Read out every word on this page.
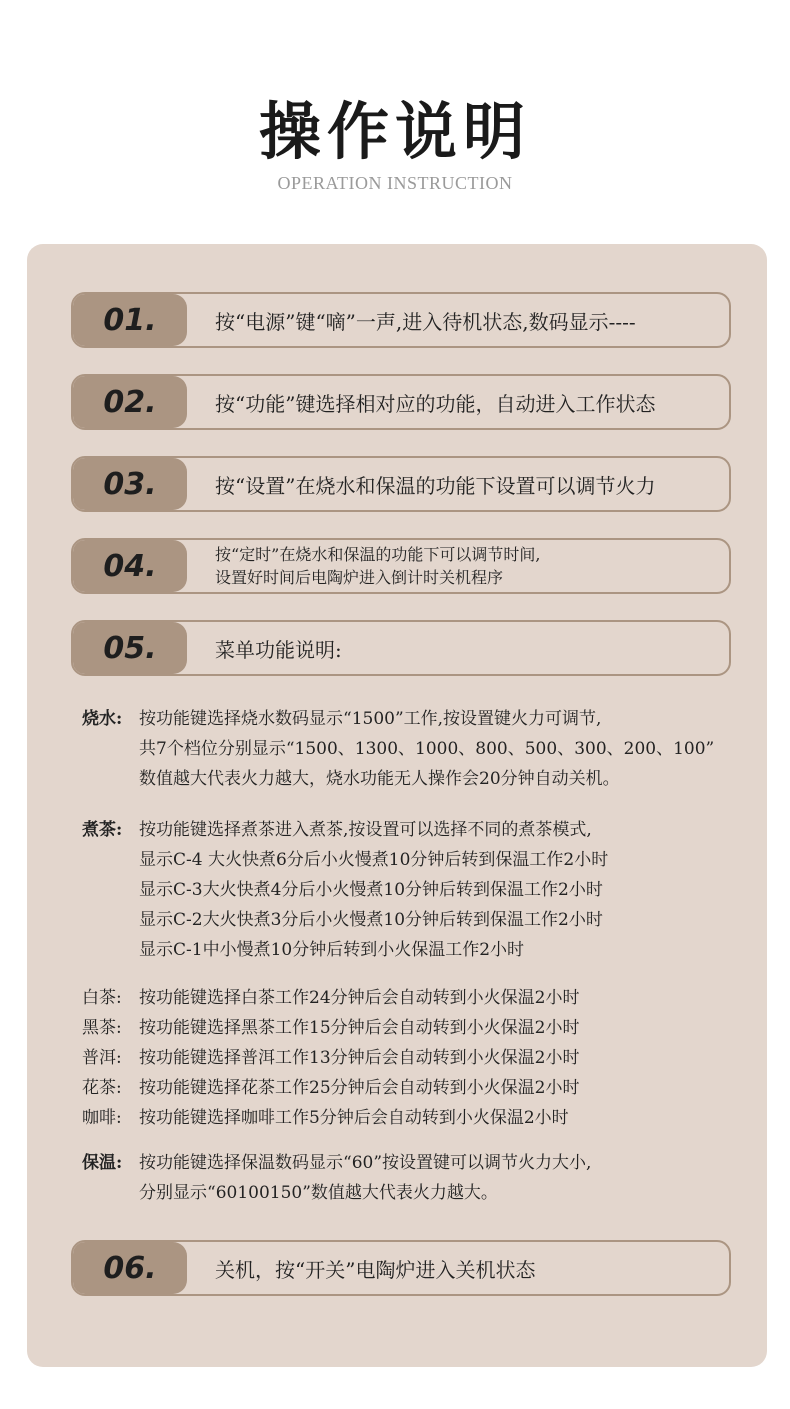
操作说明
OPERATION INSTRUCTION
01.	按“电源”键“嘀”一声,进入待机状态,数码显示----
02.	按“功能”键选择相对应的功能，自动进入工作状态
03.	按“设置”在烧水和保温的功能下设置可以调节火力
04.	按“定时”在烧水和保温的功能下可以调节时间,
设置好时间后电陶炉进入倒计时关机程序
05.	菜单功能说明:
烧水: 按功能键选择烧水数码显示“1500”工作,按设置键火力可调节,
共7个档位分别显示“1500、1300、1000、800、500、300、200、100”
数值越大代表火力越大，烧水功能无人操作会20分钟自动关机。
煮茶: 按功能键选择煮茶进入煮茶,按设置可以选择不同的煮茶模式,
显示C-4 大火快煮6分后小火慢煮10分钟后转到保温工作2小时
显示C-3大火快煮4分后小火慢煮10分钟后转到保温工作2小时
显示C-2大火快煮3分后小火慢煮10分钟后转到保温工作2小时
显示C-1中小慢煮10分钟后转到小火保温工作2小时
白茶:	按功能键选择白茶工作24分钟后会自动转到小火保温2小时
黑茶:	按功能键选择黑茶工作15分钟后会自动转到小火保温2小时
普洱:	按功能键选择普洱工作13分钟后会自动转到小火保温2小时
花茶:	按功能键选择花茶工作25分钟后会自动转到小火保温2小时
咖啡:	按功能键选择咖啡工作5分钟后会自动转到小火保温2小时
保温: 按功能键选择保温数码显示“60”按设置键可以调节火力大小,
分别显示“60100150”数值越大代表火力越大。
06.	关机，按“开关”电陶炉进入关机状态
